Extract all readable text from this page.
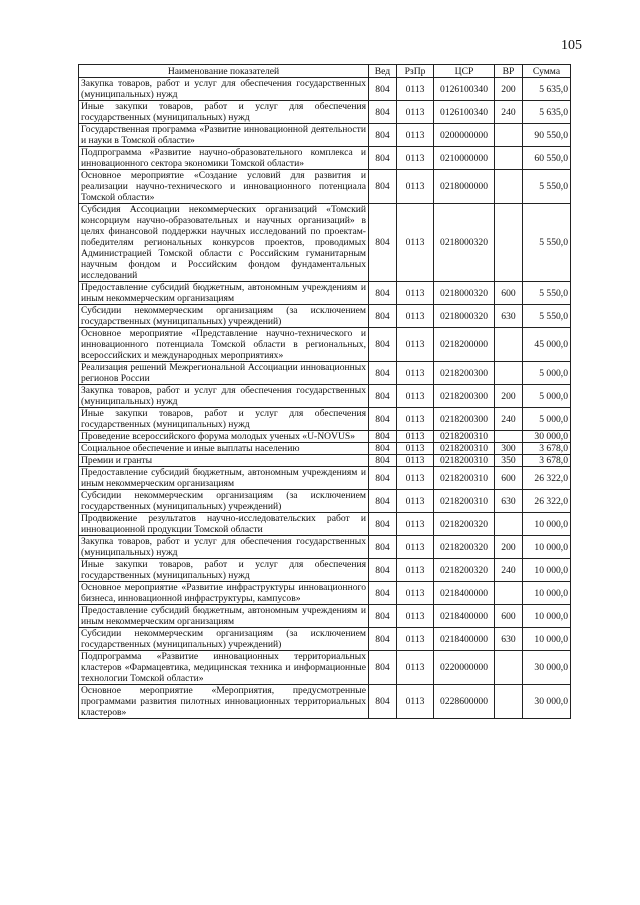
105
Наименование показателей	Вед	РзПр	ЦСР	ВР	Сумма
Закупка товаров, работ и услуг для обеспечения государственных (муниципальных) нужд	804	0113	0126100340	200	5 635,0
Иные закупки товаров, работ и услуг для обеспечения государственных (муниципальных) нужд	804	0113	0126100340	240	5 635,0
Государственная программа «Развитие инновационной деятельности и науки в Томской области»	804	0113	0200000000		90 550,0
Подпрограмма «Развитие научно-образовательного комплекса и инновационного сектора экономики Томской области»	804	0113	0210000000		60 550,0
Основное мероприятие «Создание условий для развития и реализации научно-технического и инновационного потенциала Томской области»	804	0113	0218000000		5 550,0
Субсидия Ассоциации некоммерческих организаций «Томский консорциум научно-образовательных и научных организаций» в целях финансовой поддержки научных исследований по проектам-победителям региональных конкурсов проектов, проводимых Администрацией Томской области с Российским гуманитарным научным фондом и Российским фондом фундаментальных исследований	804	0113	0218000320		5 550,0
Предоставление субсидий бюджетным, автономным учреждениям и иным некоммерческим организациям	804	0113	0218000320	600	5 550,0
Субсидии некоммерческим организациям (за исключением государственных (муниципальных) учреждений)	804	0113	0218000320	630	5 550,0
Основное мероприятие «Представление научно-технического и инновационного потенциала Томской области в региональных, всероссийских и международных мероприятиях»	804	0113	0218200000		45 000,0
Реализация решений Межрегиональной Ассоциации инновационных регионов России	804	0113	0218200300		5 000,0
Закупка товаров, работ и услуг для обеспечения государственных (муниципальных) нужд	804	0113	0218200300	200	5 000,0
Иные закупки товаров, работ и услуг для обеспечения государственных (муниципальных) нужд	804	0113	0218200300	240	5 000,0
Проведение всероссийского форума молодых ученых «U-NOVUS»	804	0113	0218200310		30 000,0
Социальное обеспечение и иные выплаты населению	804	0113	0218200310	300	3 678,0
Премии и гранты	804	0113	0218200310	350	3 678,0
Предоставление субсидий бюджетным, автономным учреждениям и иным некоммерческим организациям	804	0113	0218200310	600	26 322,0
Субсидии некоммерческим организациям (за исключением государственных (муниципальных) учреждений)	804	0113	0218200310	630	26 322,0
Продвижение результатов научно-исследовательских работ и инновационной продукции Томской области	804	0113	0218200320		10 000,0
Закупка товаров, работ и услуг для обеспечения государственных (муниципальных) нужд	804	0113	0218200320	200	10 000,0
Иные закупки товаров, работ и услуг для обеспечения государственных (муниципальных) нужд	804	0113	0218200320	240	10 000,0
Основное мероприятие «Развитие инфраструктуры инновационного бизнеса, инновационной инфраструктуры, кампусов»	804	0113	0218400000		10 000,0
Предоставление субсидий бюджетным, автономным учреждениям и иным некоммерческим организациям	804	0113	0218400000	600	10 000,0
Субсидии некоммерческим организациям (за исключением государственных (муниципальных) учреждений)	804	0113	0218400000	630	10 000,0
Подпрограмма «Развитие инновационных территориальных кластеров «Фармацевтика, медицинская техника и информационные технологии Томской области»	804	0113	0220000000		30 000,0
Основное мероприятие «Мероприятия, предусмотренные программами развития пилотных инновационных территориальных кластеров»	804	0113	0228600000		30 000,0
